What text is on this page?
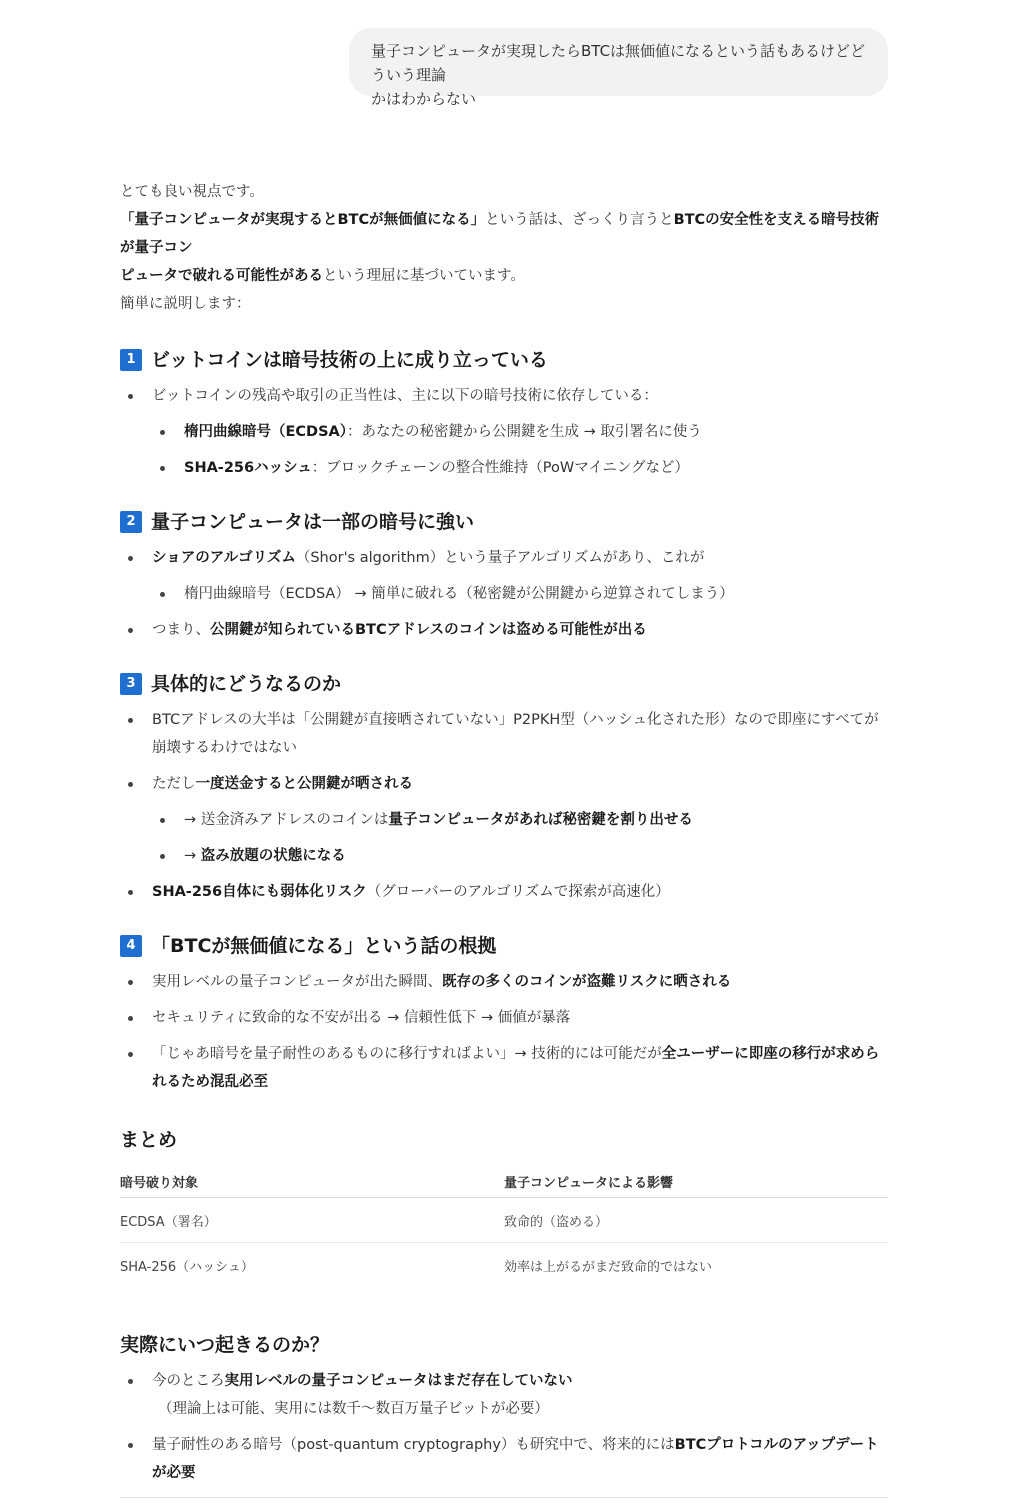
量子コンピュータが実現したらBTCは無価値になるという話もあるけどどういう理論
かはわからない

とても良い視点です。

「量子コンピュータが実現するとBTCが無価値になる」という話は、ざっくり言うとBTCの安全性を支える暗号技術が量子コン
ピュータで破れる可能性があるという理屈に基づいています。

簡単に説明します：

1 ビットコインは暗号技術の上に成り立っている
ビットコインの残高や取引の正当性は、主に以下の暗号技術に依存している：
楕円曲線暗号（ECDSA）：あなたの秘密鍵から公開鍵を生成 → 取引署名に使う
SHA-256ハッシュ：ブロックチェーンの整合性維持（PoWマイニングなど）
2 量子コンピュータは一部の暗号に強い
ショアのアルゴリズム（Shor's algorithm）という量子アルゴリズムがあり、これが
楕円曲線暗号（ECDSA） → 簡単に破れる（秘密鍵が公開鍵から逆算されてしまう）
つまり、公開鍵が知られているBTCアドレスのコインは盗める可能性が出る
3 具体的にどうなるのか
BTCアドレスの大半は「公開鍵が直接晒されていない」P2PKH型（ハッシュ化された形）なので即座にすべてが崩壊するわけではない
ただし一度送金すると公開鍵が晒される
→ 送金済みアドレスのコインは量子コンピュータがあれば秘密鍵を割り出せる
→ 盗み放題の状態になる
SHA-256自体にも弱体化リスク（グローバーのアルゴリズムで探索が高速化）
4 「BTCが無価値になる」という話の根拠
実用レベルの量子コンピュータが出た瞬間、既存の多くのコインが盗難リスクに晒される
セキュリティに致命的な不安が出る → 信頼性低下 → 価値が暴落
「じゃあ暗号を量子耐性のあるものに移行すればよい」→ 技術的には可能だが全ユーザーに即座の移行が求められるため混乱必至
まとめ
暗号破り対象	量子コンピュータによる影響
ECDSA（署名）	致命的（盗める）
SHA-256（ハッシュ）	効率は上がるがまだ致命的ではない
実際にいつ起きるのか？
今のところ実用レベルの量子コンピュータはまだ存在していない
（理論上は可能、実用には数千〜数百万量子ビットが必要）
量子耐性のある暗号（post-quantum cryptography）も研究中で、将来的にはBTCプロトコルのアップデートが必要
